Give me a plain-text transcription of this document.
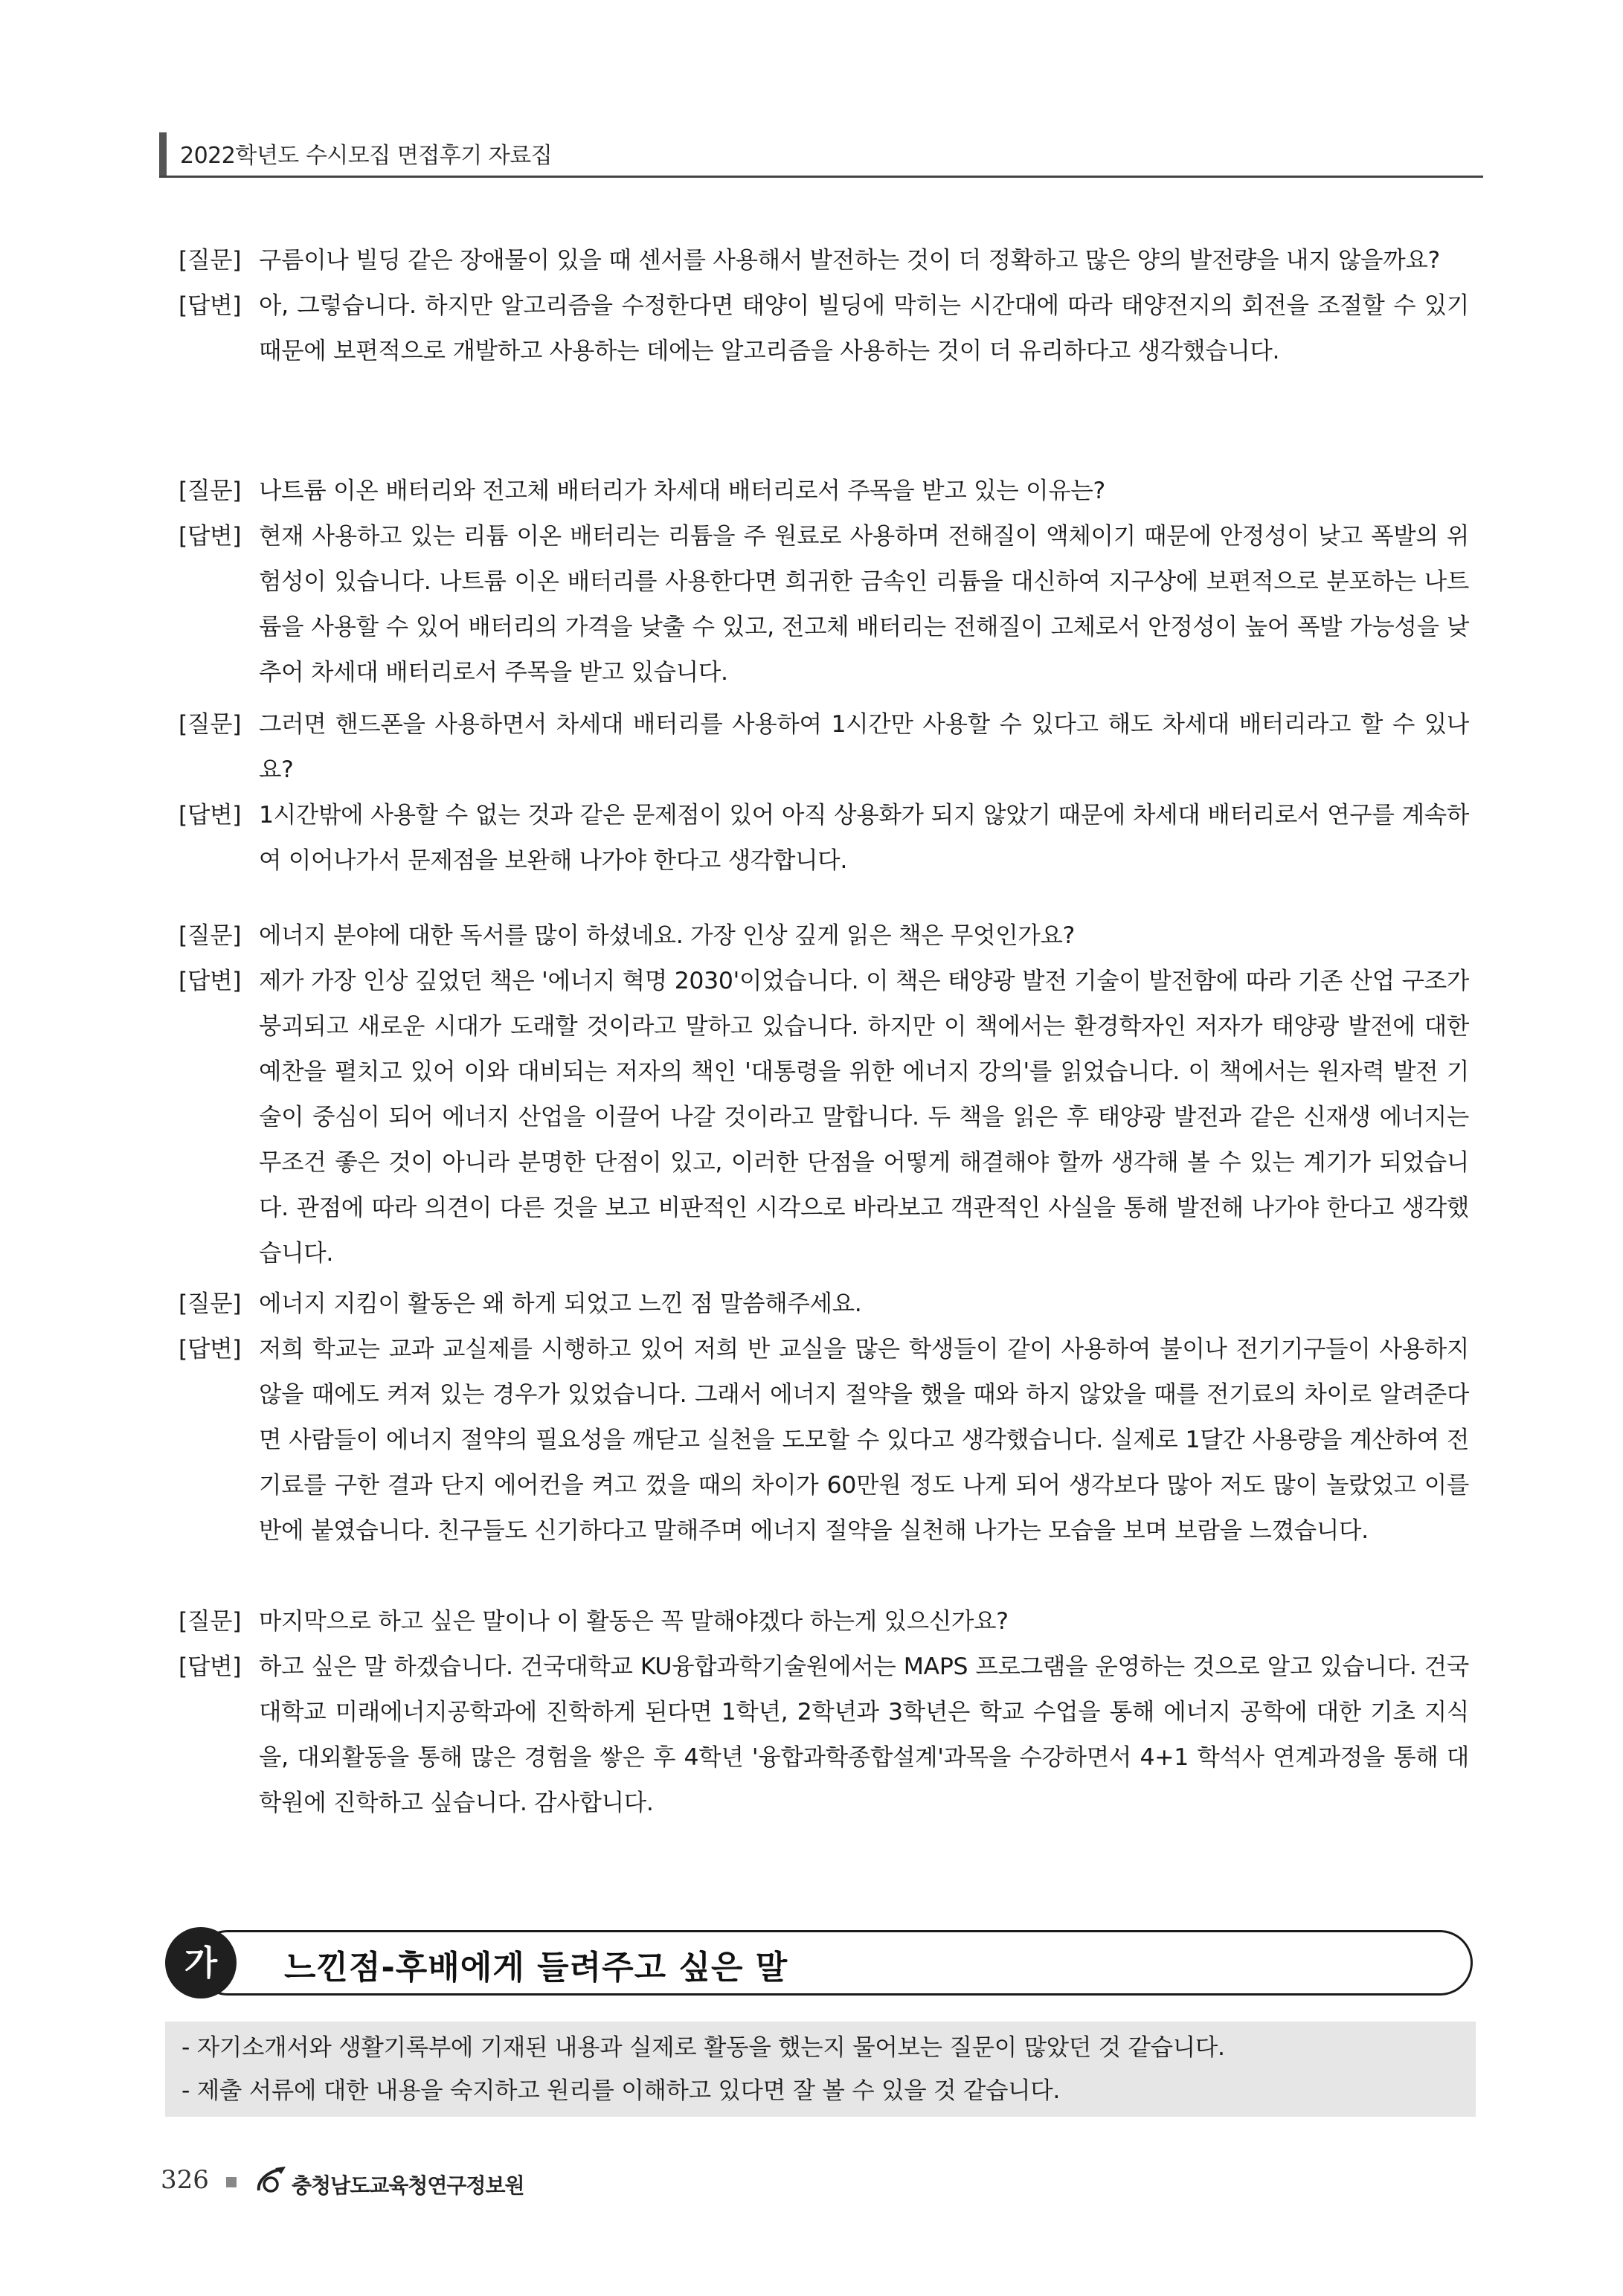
2022학년도 수시모집 면접후기 자료집
[질문] 구름이나 빌딩 같은 장애물이 있을 때 센서를 사용해서 발전하는 것이 더 정확하고 많은 양의 발전량을 내지 않을까요?
[답변] 아, 그렇습니다. 하지만 알고리즘을 수정한다면 태양이 빌딩에 막히는 시간대에 따라 태양전지의 회전을 조절할 수 있기 때문에 보편적으로 개발하고 사용하는 데에는 알고리즘을 사용하는 것이 더 유리하다고 생각했습니다.
[질문] 나트륨 이온 배터리와 전고체 배터리가 차세대 배터리로서 주목을 받고 있는 이유는?
[답변] 현재 사용하고 있는 리튬 이온 배터리는 리튬을 주 원료로 사용하며 전해질이 액체이기 때문에 안정성이 낮고 폭발의 위험성이 있습니다. 나트륨 이온 배터리를 사용한다면 희귀한 금속인 리튬을 대신하여 지구상에 보편적으로 분포하는 나트륨을 사용할 수 있어 배터리의 가격을 낮출 수 있고, 전고체 배터리는 전해질이 고체로서 안정성이 높어 폭발 가능성을 낮추어 차세대 배터리로서 주목을 받고 있습니다.
[질문] 그러면 핸드폰을 사용하면서 차세대 배터리를 사용하여 1시간만 사용할 수 있다고 해도 차세대 배터리라고 할 수 있나요?
[답변] 1시간밖에 사용할 수 없는 것과 같은 문제점이 있어 아직 상용화가 되지 않았기 때문에 차세대 배터리로서 연구를 계속하여 이어나가서 문제점을 보완해 나가야 한다고 생각합니다.
[질문] 에너지 분야에 대한 독서를 많이 하셨네요. 가장 인상 깊게 읽은 책은 무엇인가요?
[답변] 제가 가장 인상 깊었던 책은 '에너지 혁명 2030'이었습니다. 이 책은 태양광 발전 기술이 발전함에 따라 기존 산업 구조가 붕괴되고 새로운 시대가 도래할 것이라고 말하고 있습니다. 하지만 이 책에서는 환경학자인 저자가 태양광 발전에 대한 예찬을 펼치고 있어 이와 대비되는 저자의 책인 '대통령을 위한 에너지 강의'를 읽었습니다. 이 책에서는 원자력 발전 기술이 중심이 되어 에너지 산업을 이끌어 나갈 것이라고 말합니다. 두 책을 읽은 후 태양광 발전과 같은 신재생 에너지는 무조건 좋은 것이 아니라 분명한 단점이 있고, 이러한 단점을 어떻게 해결해야 할까 생각해 볼 수 있는 계기가 되었습니다. 관점에 따라 의견이 다른 것을 보고 비판적인 시각으로 바라보고 객관적인 사실을 통해 발전해 나가야 한다고 생각했습니다.
[질문] 에너지 지킴이 활동은 왜 하게 되었고 느낀 점 말씀해주세요.
[답변] 저희 학교는 교과 교실제를 시행하고 있어 저희 반 교실을 많은 학생들이 같이 사용하여 불이나 전기기구들이 사용하지 않을 때에도 켜져 있는 경우가 있었습니다. 그래서 에너지 절약을 했을 때와 하지 않았을 때를 전기료의 차이로 알려준다면 사람들이 에너지 절약의 필요성을 깨닫고 실천을 도모할 수 있다고 생각했습니다. 실제로 1달간 사용량을 계산하여 전기료를 구한 결과 단지 에어컨을 켜고 껐을 때의 차이가 60만원 정도 나게 되어 생각보다 많아 저도 많이 놀랐었고 이를 반에 붙였습니다. 친구들도 신기하다고 말해주며 에너지 절약을 실천해 나가는 모습을 보며 보람을 느꼈습니다.
[질문] 마지막으로 하고 싶은 말이나 이 활동은 꼭 말해야겠다 하는게 있으신가요?
[답변] 하고 싶은 말 하겠습니다. 건국대학교 KU융합과학기술원에서는 MAPS 프로그램을 운영하는 것으로 알고 있습니다. 건국대학교 미래에너지공학과에 진학하게 된다면 1학년, 2학년과 3학년은 학교 수업을 통해 에너지 공학에 대한 기초 지식을, 대외활동을 통해 많은 경험을 쌓은 후 4학년 '융합과학종합설계'과목을 수강하면서 4+1 학석사 연계과정을 통해 대학원에 진학하고 싶습니다. 감사합니다.
가	느낀점-후배에게 들려주고 싶은 말
- 자기소개서와 생활기록부에 기재된 내용과 실제로 활동을 했는지 물어보는 질문이 많았던 것 같습니다.
- 제출 서류에 대한 내용을 숙지하고 원리를 이해하고 있다면 잘 볼 수 있을 것 같습니다.
326	충청남도교육청연구정보원
